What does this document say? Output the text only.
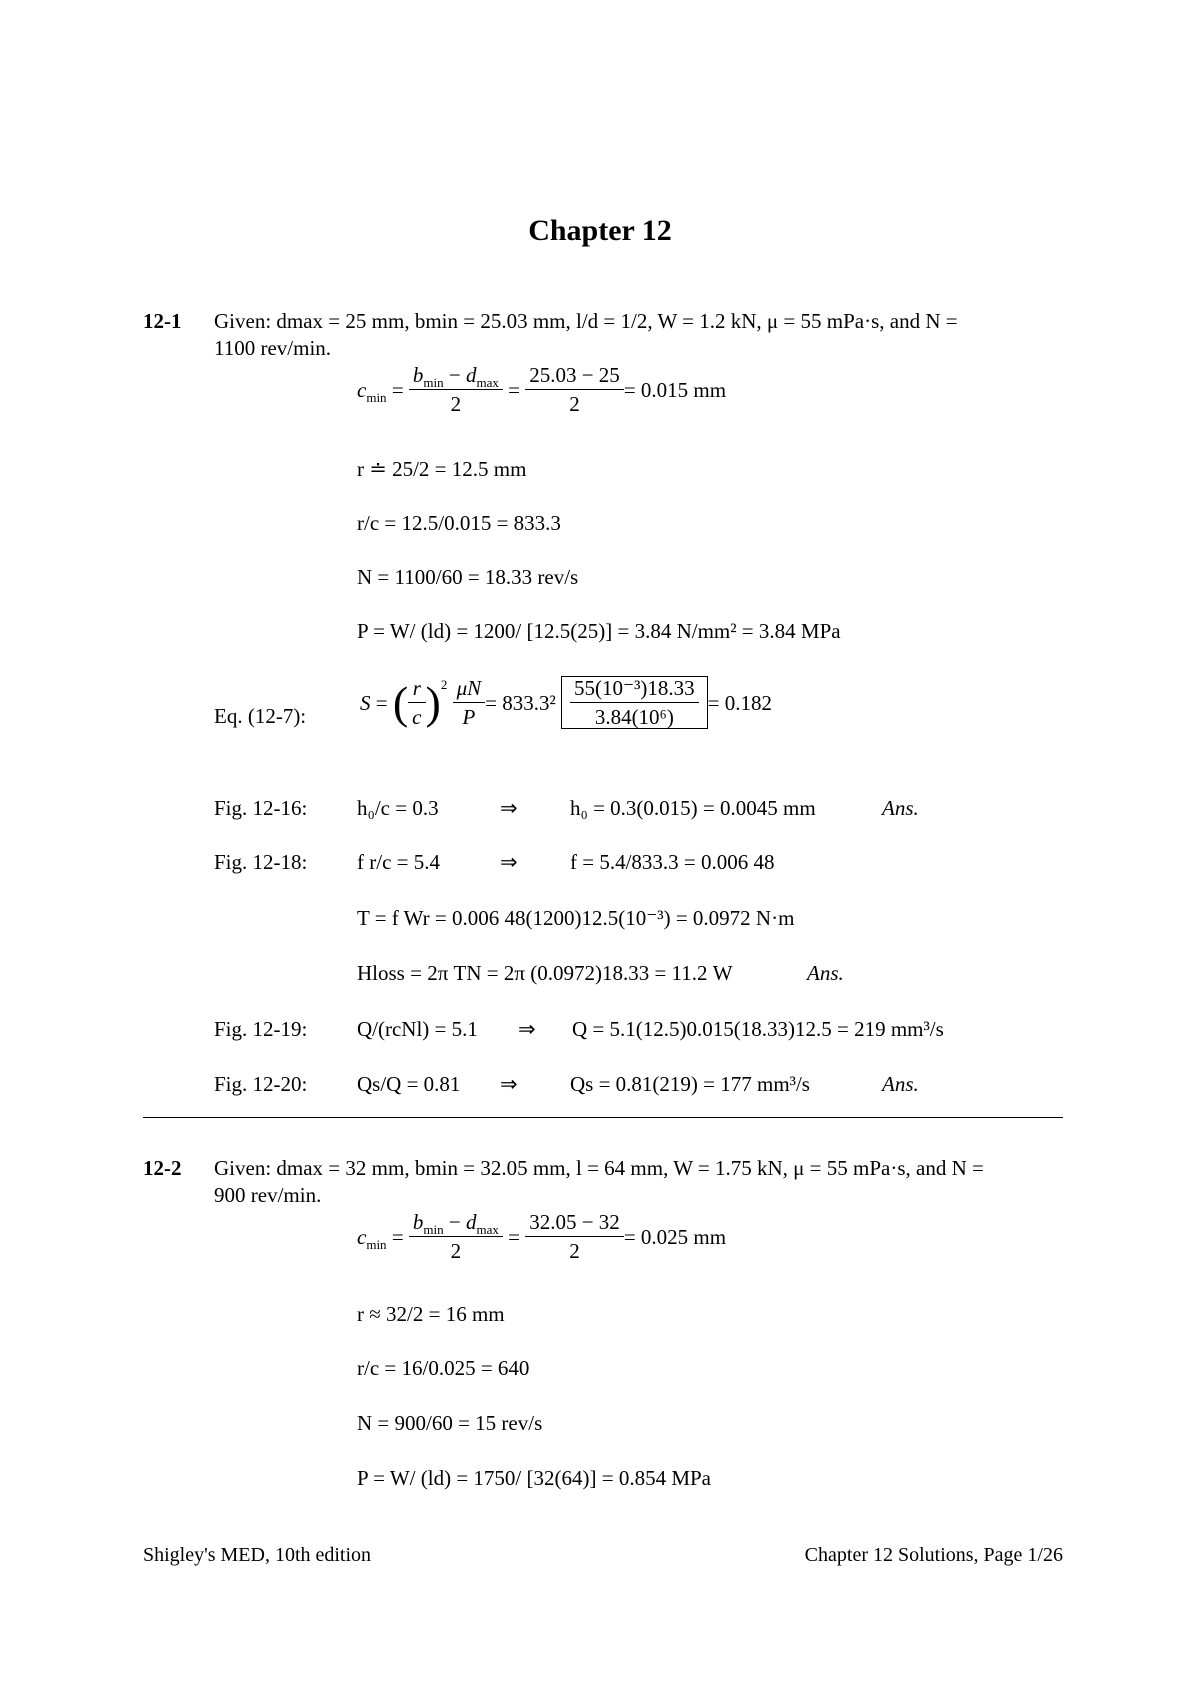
Chapter 12
12-1 Given: dmax = 25 mm, bmin = 25.03 mm, l/d = 1/2, W = 1.2 kN, μ = 55 mPa·s, and N =
1100 rev/min.
$c_{min} = \frac{b_{min} - d_{max}}{2} = \frac{25.03 - 25}{2} = 0.015$ mm
r ≐ 25/2 = 12.5 mm
r/c = 12.5/0.015 = 833.3
N = 1100/60 = 18.33 rev/s
P = W/ (ld) = 1200/ [12.5(25)] = 3.84 N/mm² = 3.84 MPa
Eq. (12-7):
S = ( $\frac{r}{c} )^2$
$\frac{\mu N}{P} = 833.3^2$
$\frac{\text{55(10⁻³)18.33}}{\text{3.84(10⁶)}} = 0.182$
Fig. 12-16: h₀/c = 0.3	⇒ h₀ = 0.3(0.015) = 0.0045 mm	Ans.
Fig. 12-18: f r/c = 5.4	⇒ f = 5.4/833.3 = 0.006 48
T = f Wr = 0.006 48(1200)12.5(10⁻³) = 0.0972 N·m
Hloss = 2π TN = 2π (0.0972)18.33 = 11.2 W	Ans.
Fig. 12-19: Q/(rcNl) = 5.1 ⇒ Q = 5.1(12.5)0.015(18.33)12.5 = 219 mm³/s
Fig. 12-20: Qs/Q = 0.81 ⇒ Qs = 0.81(219) = 177 mm³/s	Ans.
12-2 Given: dmax = 32 mm, bmin = 32.05 mm, l = 64 mm, W = 1.75 kN, μ = 55 mPa·s, and N =
900 rev/min.
$c_{min} = \frac{b_{min} - d_{max}}{2} = \frac{32.05 - 32}{2} = 0.025$ mm
r ≈ 32/2 = 16 mm
r/c = 16/0.025 = 640
N = 900/60 = 15 rev/s
P = W/ (ld) = 1750/ [32(64)] = 0.854 MPa
Shigley's MED, 10th edition	Chapter 12 Solutions, Page 1/26
